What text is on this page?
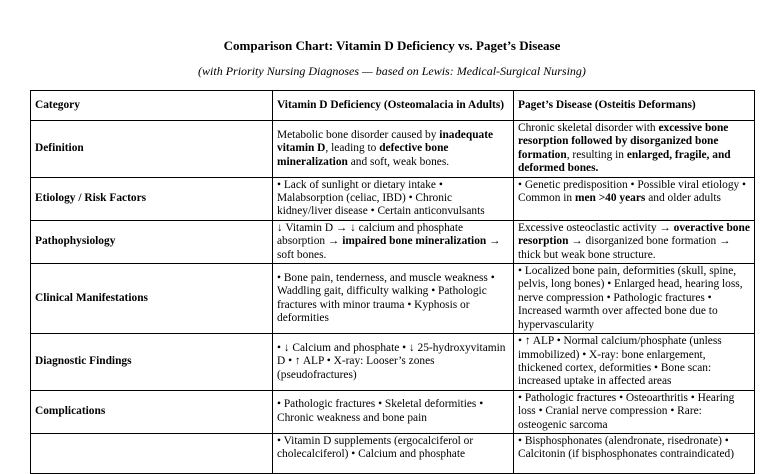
Comparison Chart: Vitamin D Deficiency vs. Paget’s Disease
(with Priority Nursing Diagnoses — based on Lewis: Medical-Surgical Nursing)
Category	Vitamin D Deficiency (Osteomalacia in Adults)	Paget’s Disease (Osteitis Deformans)
Definition	Metabolic bone disorder caused by inadequate vitamin D, leading to defective bone mineralization and soft, weak bones.	Chronic skeletal disorder with excessive bone resorption followed by disorganized bone formation, resulting in enlarged, fragile, and deformed bones.
Etiology / Risk Factors	• Lack of sunlight or dietary intake • Malabsorption (celiac, IBD) • Chronic kidney/liver disease • Certain anticonvulsants	• Genetic predisposition • Possible viral etiology • Common in men >40 years and older adults
Pathophysiology	↓ Vitamin D → ↓ calcium and phosphate absorption → impaired bone mineralization → soft bones.	Excessive osteoclastic activity → overactive bone resorption → disorganized bone formation → thick but weak bone structure.
Clinical Manifestations	• Bone pain, tenderness, and muscle weakness • Waddling gait, difficulty walking • Pathologic fractures with minor trauma • Kyphosis or deformities	• Localized bone pain, deformities (skull, spine, pelvis, long bones) • Enlarged head, hearing loss, nerve compression • Pathologic fractures • Increased warmth over affected bone due to hypervascularity
Diagnostic Findings	• ↓ Calcium and phosphate • ↓ 25-hydroxyvitamin D • ↑ ALP • X-ray: Looser’s zones (pseudofractures)	• ↑ ALP • Normal calcium/phosphate (unless immobilized) • X-ray: bone enlargement, thickened cortex, deformities • Bone scan: increased uptake in affected areas
Complications	• Pathologic fractures • Skeletal deformities • Chronic weakness and bone pain	• Pathologic fractures • Osteoarthritis • Hearing loss • Cranial nerve compression • Rare: osteogenic sarcoma
	• Vitamin D supplements (ergocalciferol or cholecalciferol) • Calcium and phosphate	• Bisphosphonates (alendronate, risedronate) • Calcitonin (if bisphosphonates contraindicated)
